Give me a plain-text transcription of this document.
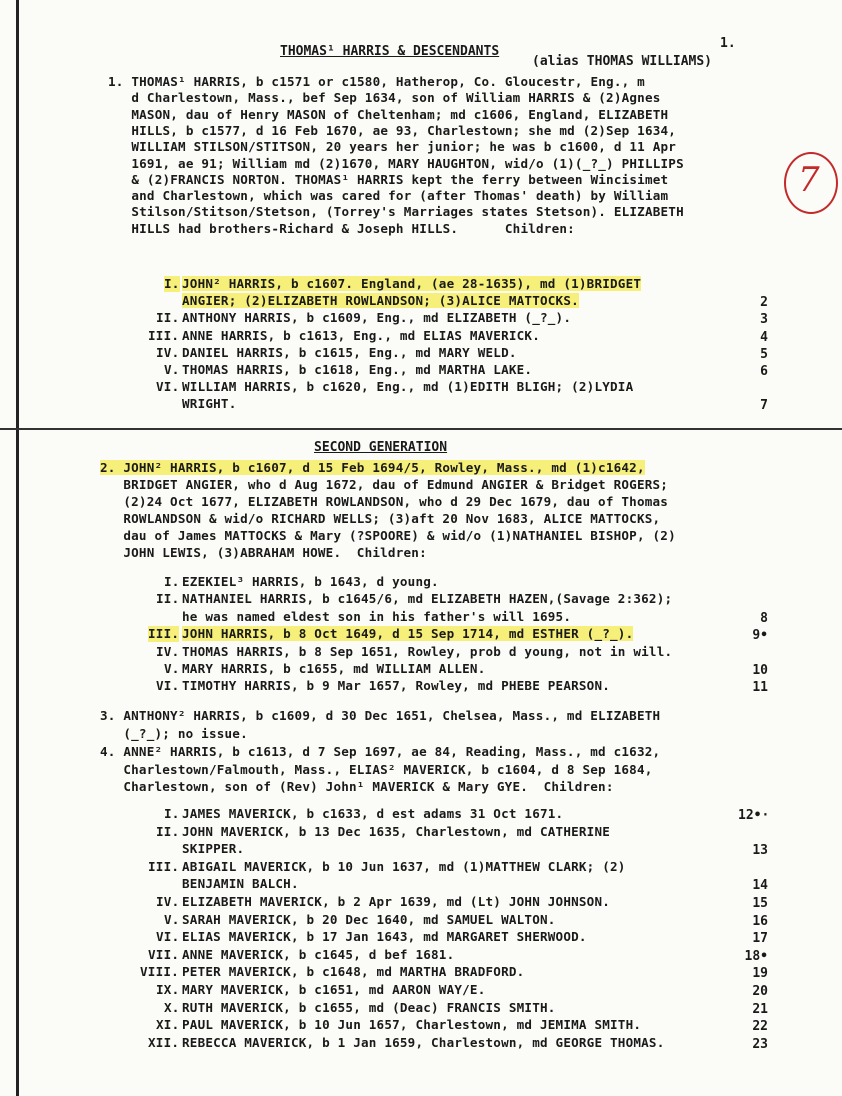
THOMAS¹ HARRIS & DESCENDANTS
(alias THOMAS WILLIAMS)
1.
7
1. THOMAS¹ HARRIS, b c1571 or c1580, Hatherop, Co. Gloucestr, Eng., m
d Charlestown, Mass., bef Sep 1634, son of William HARRIS & (2)Agnes
MASON, dau of Henry MASON of Cheltenham; md c1606, England, ELIZABETH
HILLS, b c1577, d 16 Feb 1670, ae 93, Charlestown; she md (2)Sep 1634,
WILLIAM STILSON/STITSON, 20 years her junior; he was b c1600, d 11 Apr
1691, ae 91; William md (2)1670, MARY HAUGHTON, wid/o (1)(_?_) PHILLIPS
& (2)FRANCIS NORTON. THOMAS¹ HARRIS kept the ferry between Wincisimet
and Charlestown, which was cared for (after Thomas' death) by William
Stilson/Stitson/Stetson, (Torrey's Marriages states Stetson). ELIZABETH
HILLS had brothers-Richard & Joseph HILLS.      Children:
I. JOHN² HARRIS, b c1607. England, (ae 28-1635), md (1)BRIDGET
ANGIER; (2)ELIZABETH ROWLANDSON; (3)ALICE MATTOCKS.	2
II. ANTHONY HARRIS, b c1609, Eng., md ELIZABETH (_?_).	3
III. ANNE HARRIS, b c1613, Eng., md ELIAS MAVERICK.	4
IV. DANIEL HARRIS, b c1615, Eng., md MARY WELD.	5
V. THOMAS HARRIS, b c1618, Eng., md MARTHA LAKE.	6
VI. WILLIAM HARRIS, b c1620, Eng., md (1)EDITH BLIGH; (2)LYDIA
WRIGHT.	7
SECOND GENERATION
2. JOHN² HARRIS, b c1607, d 15 Feb 1694/5, Rowley, Mass., md (1)c1642,
BRIDGET ANGIER, who d Aug 1672, dau of Edmund ANGIER & Bridget ROGERS;
(2)24 Oct 1677, ELIZABETH ROWLANDSON, who d 29 Dec 1679, dau of Thomas
ROWLANDSON & wid/o RICHARD WELLS; (3)aft 20 Nov 1683, ALICE MATTOCKS,
dau of James MATTOCKS & Mary (?SPOORE) & wid/o (1)NATHANIEL BISHOP, (2)
JOHN LEWIS, (3)ABRAHAM HOWE.  Children:
I. EZEKIEL³ HARRIS, b 1643, d young.
II. NATHANIEL HARRIS, b c1645/6, md ELIZABETH HAZEN,(Savage 2:362);
he was named eldest son in his father's will 1695.	8
III. JOHN HARRIS, b 8 Oct 1649, d 15 Sep 1714, md ESTHER (_?_).	9•
IV. THOMAS HARRIS, b 8 Sep 1651, Rowley, prob d young, not in will.
V. MARY HARRIS, b c1655, md WILLIAM ALLEN.	10
VI. TIMOTHY HARRIS, b 9 Mar 1657, Rowley, md PHEBE PEARSON.	11
3. ANTHONY² HARRIS, b c1609, d 30 Dec 1651, Chelsea, Mass., md ELIZABETH
(_?_); no issue.
4. ANNE² HARRIS, b c1613, d 7 Sep 1697, ae 84, Reading, Mass., md c1632,
Charlestown/Falmouth, Mass., ELIAS² MAVERICK, b c1604, d 8 Sep 1684,
Charlestown, son of (Rev) John¹ MAVERICK & Mary GYE.  Children:
I. JAMES MAVERICK, b c1633, d est adams 31 Oct 1671.	12•·
II. JOHN MAVERICK, b 13 Dec 1635, Charlestown, md CATHERINE
SKIPPER.	13
III. ABIGAIL MAVERICK, b 10 Jun 1637, md (1)MATTHEW CLARK; (2)
BENJAMIN BALCH.	14
IV. ELIZABETH MAVERICK, b 2 Apr 1639, md (Lt) JOHN JOHNSON.	15
V. SARAH MAVERICK, b 20 Dec 1640, md SAMUEL WALTON.	16
VI. ELIAS MAVERICK, b 17 Jan 1643, md MARGARET SHERWOOD.	17
VII. ANNE MAVERICK, b c1645, d bef 1681.	18•
VIII. PETER MAVERICK, b c1648, md MARTHA BRADFORD.	19
IX. MARY MAVERICK, b c1651, md AARON WAY/E.	20
X. RUTH MAVERICK, b c1655, md (Deac) FRANCIS SMITH.	21
XI. PAUL MAVERICK, b 10 Jun 1657, Charlestown, md JEMIMA SMITH.	22
XII. REBECCA MAVERICK, b 1 Jan 1659, Charlestown, md GEORGE THOMAS.	23
